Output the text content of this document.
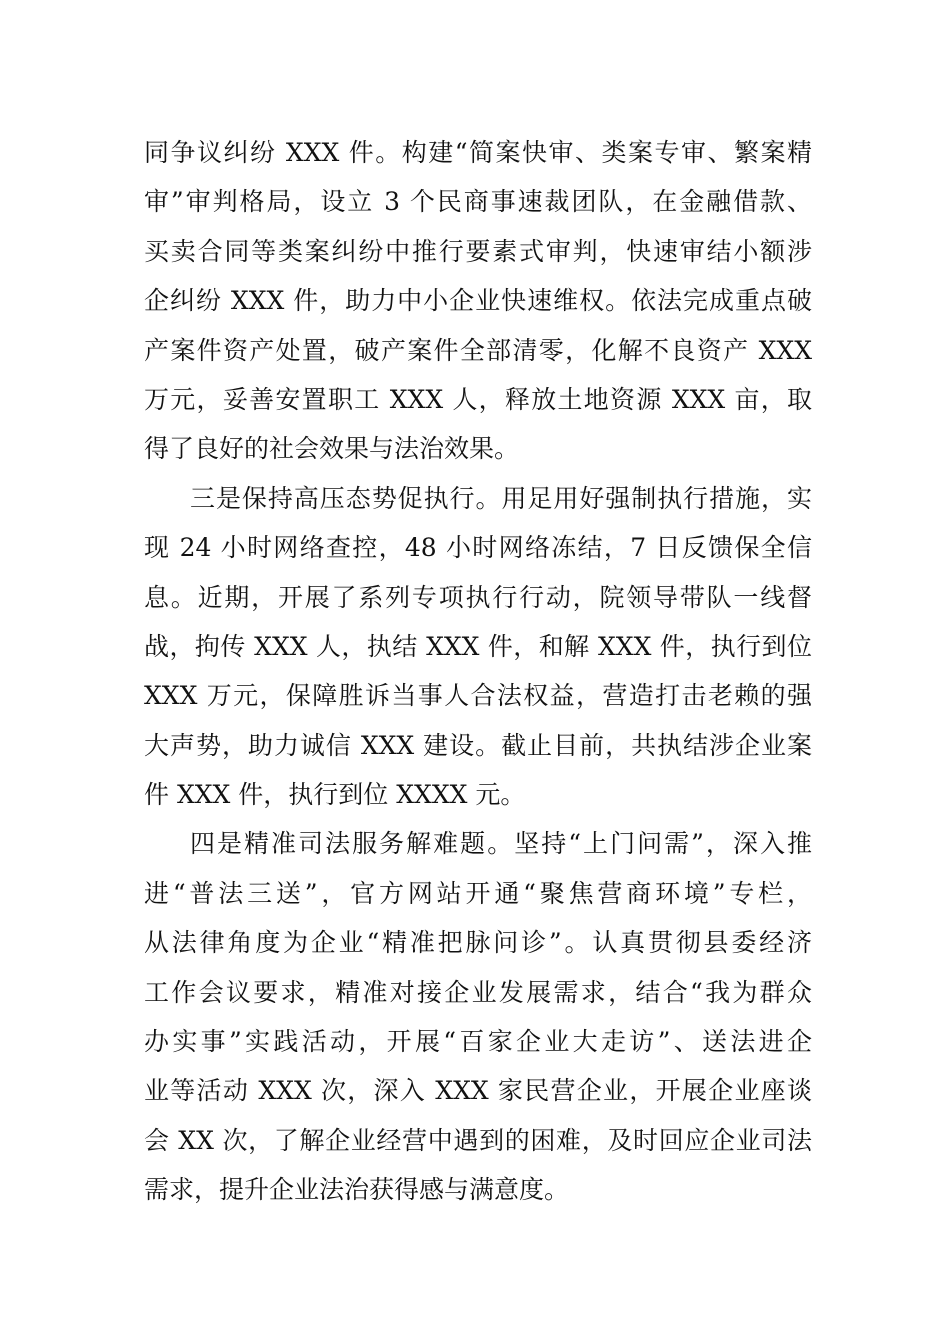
同争议纠纷 XXX 件。构建“简案快审、类案专审、繁案精
审”审判格局，设立 3 个民商事速裁团队，在金融借款、
买卖合同等类案纠纷中推行要素式审判，快速审结小额涉
企纠纷 XXX 件，助力中小企业快速维权。依法完成重点破
产案件资产处置，破产案件全部清零，化解不良资产 XXX
万元，妥善安置职工 XXX 人，释放土地资源 XXX 亩，取
得了良好的社会效果与法治效果。
三是保持高压态势促执行。用足用好强制执行措施，实
现 24 小时网络查控，48 小时网络冻结，7 日反馈保全信
息。近期，开展了系列专项执行行动，院领导带队一线督
战，拘传 XXX 人，执结 XXX 件，和解 XXX 件，执行到位
XXX 万元，保障胜诉当事人合法权益，营造打击老赖的强
大声势，助力诚信 XXX 建设。截止目前，共执结涉企业案
件 XXX 件，执行到位 XXXX 元。
四是精准司法服务解难题。坚持“上门问需”，深入推
进“普法三送”，官方网站开通“聚焦营商环境”专栏，
从法律角度为企业“精准把脉问诊”。认真贯彻县委经济
工作会议要求，精准对接企业发展需求，结合“我为群众
办实事”实践活动，开展“百家企业大走访”、送法进企
业等活动 XXX 次，深入 XXX 家民营企业，开展企业座谈
会 XX 次，了解企业经营中遇到的困难，及时回应企业司法
需求，提升企业法治获得感与满意度。
